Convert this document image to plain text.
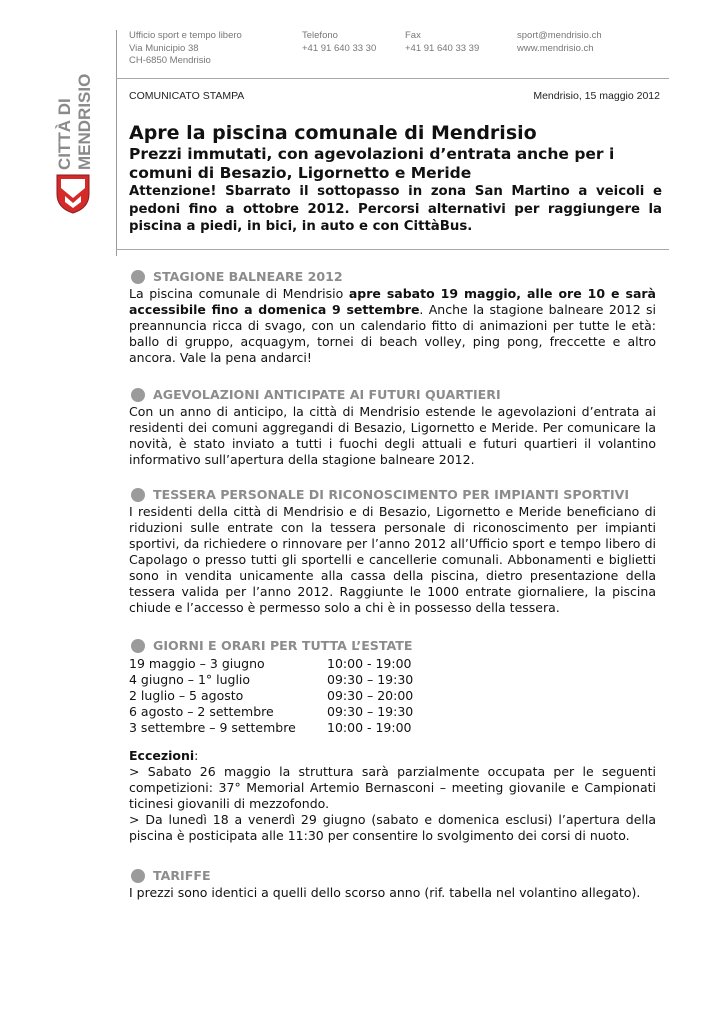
CITTÀ DI MENDRISIO
Ufficio sport e tempo libero
Via Municipio 38
CH-6850 Mendrisio
Telefono
+41 91 640 33 30
Fax
+41 91 640 33 39
sport@mendrisio.ch
www.mendrisio.ch
COMUNICATO STAMPA	Mendrisio, 15 maggio 2012

Apre la piscina comunale di Mendrisio

Prezzi immutati, con agevolazioni d’entrata anche per i comuni di Besazio, Ligornetto e Meride

Attenzione! Sbarrato il sottopasso in zona San Martino a veicoli e pedoni fino a ottobre 2012. Percorsi alternativi per raggiungere la piscina a piedi, in bici, in auto e con CittàBus.

STAGIONE BALNEARE 2012

La piscina comunale di Mendrisio apre sabato 19 maggio, alle ore 10 e sarà accessibile fino a domenica 9 settembre. Anche la stagione balneare 2012 si preannuncia ricca di svago, con un calendario fitto di animazioni per tutte le età: ballo di gruppo, acquagym, tornei di beach volley, ping pong, freccette e altro ancora. Vale la pena andarci!

AGEVOLAZIONI ANTICIPATE AI FUTURI QUARTIERI

Con un anno di anticipo, la città di Mendrisio estende le agevolazioni d’entrata ai residenti dei comuni aggregandi di Besazio, Ligornetto e Meride. Per comunicare la novità, è stato inviato a tutti i fuochi degli attuali e futuri quartieri il volantino informativo sull’apertura della stagione balneare 2012.

TESSERA PERSONALE DI RICONOSCIMENTO PER IMPIANTI SPORTIVI

I residenti della città di Mendrisio e di Besazio, Ligornetto e Meride beneficiano di riduzioni sulle entrate con la tessera personale di riconoscimento per impianti sportivi, da richiedere o rinnovare per l’anno 2012 all’Ufficio sport e tempo libero di Capolago o presso tutti gli sportelli e cancellerie comunali. Abbonamenti e biglietti sono in vendita unicamente alla cassa della piscina, dietro presentazione della tessera valida per l’anno 2012. Raggiunte le 1000 entrate giornaliere, la piscina chiude e l’accesso è permesso solo a chi è in possesso della tessera.

GIORNI E ORARI PER TUTTA L’ESTATE
19 maggio – 3 giugno	10:00 - 19:00
4 giugno – 1° luglio	09:30 – 19:30
2 luglio – 5 agosto	09:30 – 20:00
6 agosto – 2 settembre	09:30 – 19:30
3 settembre – 9 settembre	10:00 - 19:00
Eccezioni:

> Sabato 26 maggio la struttura sarà parzialmente occupata per le seguenti competizioni: 37° Memorial Artemio Bernasconi – meeting giovanile e Campionati ticinesi giovanili di mezzofondo.

> Da lunedì 18 a venerdì 29 giugno (sabato e domenica esclusi) l’apertura della piscina è posticipata alle 11:30 per consentire lo svolgimento dei corsi di nuoto.

TARIFFE

I prezzi sono identici a quelli dello scorso anno (rif. tabella nel volantino allegato).
